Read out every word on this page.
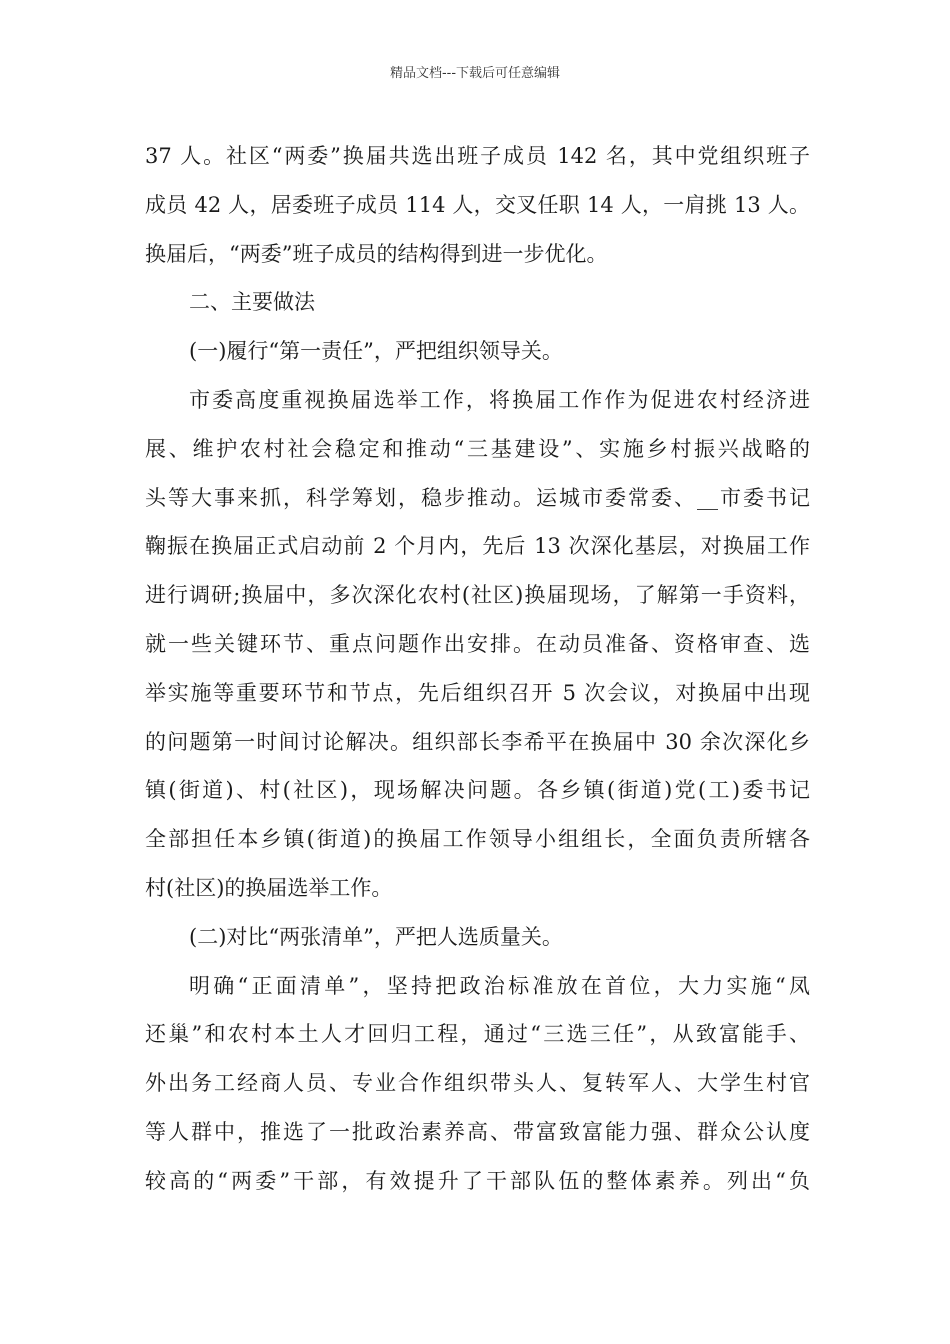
精品文档---下载后可任意编辑
37 人。社区“两委”换届共选出班子成员 142 名，其中党组织班子
成员 42 人，居委班子成员 114 人，交叉任职 14 人，一肩挑 13 人。
换届后，“两委”班子成员的结构得到进一步优化。
二、主要做法
(一)履行“第一责任”，严把组织领导关。
市委高度重视换届选举工作，将换届工作作为促进农村经济进
展、维护农村社会稳定和推动“三基建设”、实施乡村振兴战略的
头等大事来抓，科学筹划，稳步推动。运城市委常委、__市委书记
鞠振在换届正式启动前 2 个月内，先后 13 次深化基层，对换届工作
进行调研;换届中，多次深化农村(社区)换届现场，了解第一手资料，
就一些关键环节、重点问题作出安排。在动员准备、资格审查、选
举实施等重要环节和节点，先后组织召开 5 次会议，对换届中出现
的问题第一时间讨论解决。组织部长李希平在换届中 30 余次深化乡
镇(街道)、村(社区)，现场解决问题。各乡镇(街道)党(工)委书记
全部担任本乡镇(街道)的换届工作领导小组组长，全面负责所辖各
村(社区)的换届选举工作。
(二)对比“两张清单”，严把人选质量关。
明确“正面清单”，坚持把政治标准放在首位，大力实施“凤
还巢”和农村本土人才回归工程，通过“三选三任”，从致富能手、
外出务工经商人员、专业合作组织带头人、复转军人、大学生村官
等人群中，推选了一批政治素养高、带富致富能力强、群众公认度
较高的“两委”干部，有效提升了干部队伍的整体素养。列出“负
